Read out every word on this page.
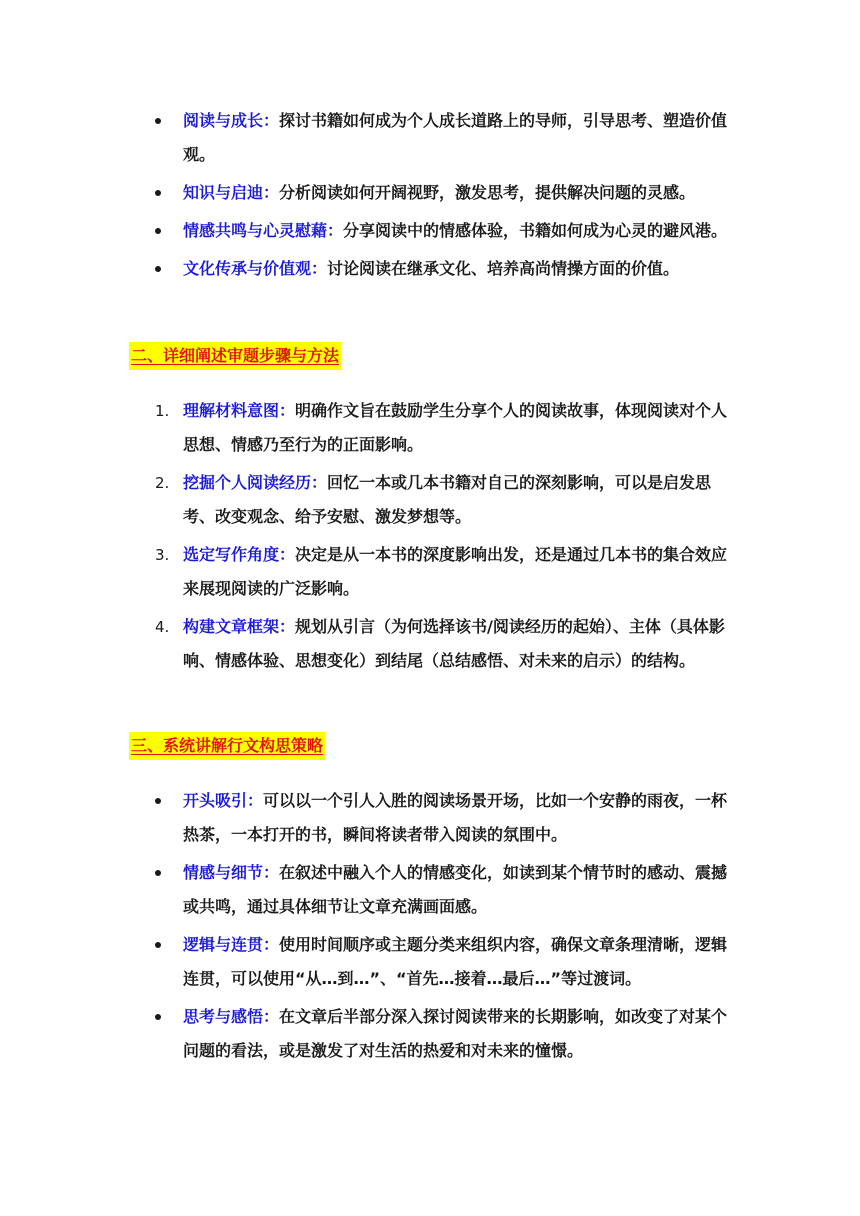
阅读与成长：探讨书籍如何成为个人成长道路上的导师，引导思考、塑造价值观。
知识与启迪：分析阅读如何开阔视野，激发思考，提供解决问题的灵感。
情感共鸣与心灵慰藉：分享阅读中的情感体验，书籍如何成为心灵的避风港。
文化传承与价值观：讨论阅读在继承文化、培养高尚情操方面的价值。
二、详细阐述审题步骤与方法
1. 理解材料意图：明确作文旨在鼓励学生分享个人的阅读故事，体现阅读对个人思想、情感乃至行为的正面影响。
2. 挖掘个人阅读经历：回忆一本或几本书籍对自己的深刻影响，可以是启发思考、改变观念、给予安慰、激发梦想等。
3. 选定写作角度：决定是从一本书的深度影响出发，还是通过几本书的集合效应来展现阅读的广泛影响。
4. 构建文章框架：规划从引言（为何选择该书/阅读经历的起始）、主体（具体影响、情感体验、思想变化）到结尾（总结感悟、对未来的启示）的结构。
三、系统讲解行文构思策略
开头吸引：可以以一个引人入胜的阅读场景开场，比如一个安静的雨夜，一杯热茶，一本打开的书，瞬间将读者带入阅读的氛围中。
情感与细节：在叙述中融入个人的情感变化，如读到某个情节时的感动、震撼或共鸣，通过具体细节让文章充满画面感。
逻辑与连贯：使用时间顺序或主题分类来组织内容，确保文章条理清晰，逻辑连贯，可以使用“从…到…”、“首先…接着…最后…”等过渡词。
思考与感悟：在文章后半部分深入探讨阅读带来的长期影响，如改变了对某个问题的看法，或是激发了对生活的热爱和对未来的憧憬。
